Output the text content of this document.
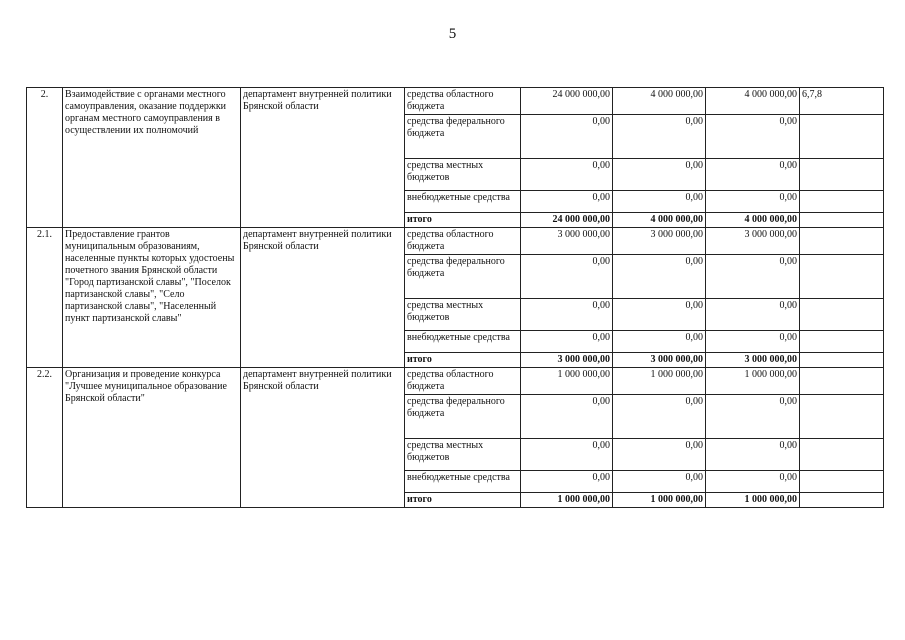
5
2.	Взаимодействие с органами местного самоуправления, оказание поддержки органам местного самоуправления в осуществлении их полномочий	департамент внутренней политики Брянской области	средства областного бюджета	24 000 000,00	4 000 000,00	4 000 000,00	6,7,8
			средства федерального бюджета	0,00	0,00	0,00	
			средства местных бюджетов	0,00	0,00	0,00	
			внебюджетные средства	0,00	0,00	0,00	
			итого	24 000 000,00	4 000 000,00	4 000 000,00	
2.1.	Предоставление грантов муниципальным образованиям, населенные пункты которых удостоены почетного звания Брянской области "Город партизанской славы", "Поселок партизанской славы", "Село партизанской славы", "Населенный пункт партизанской славы"	департамент внутренней политики Брянской области	средства областного бюджета	3 000 000,00	3 000 000,00	3 000 000,00	
			средства федерального бюджета	0,00	0,00	0,00	
			средства местных бюджетов	0,00	0,00	0,00	
			внебюджетные средства	0,00	0,00	0,00	
			итого	3 000 000,00	3 000 000,00	3 000 000,00	
2.2.	Организация и проведение конкурса "Лучшее муниципальное образование Брянской области"	департамент внутренней политики Брянской области	средства областного бюджета	1 000 000,00	1 000 000,00	1 000 000,00	
			средства федерального бюджета	0,00	0,00	0,00	
			средства местных бюджетов	0,00	0,00	0,00	
			внебюджетные средства	0,00	0,00	0,00	
			итого	1 000 000,00	1 000 000,00	1 000 000,00	
